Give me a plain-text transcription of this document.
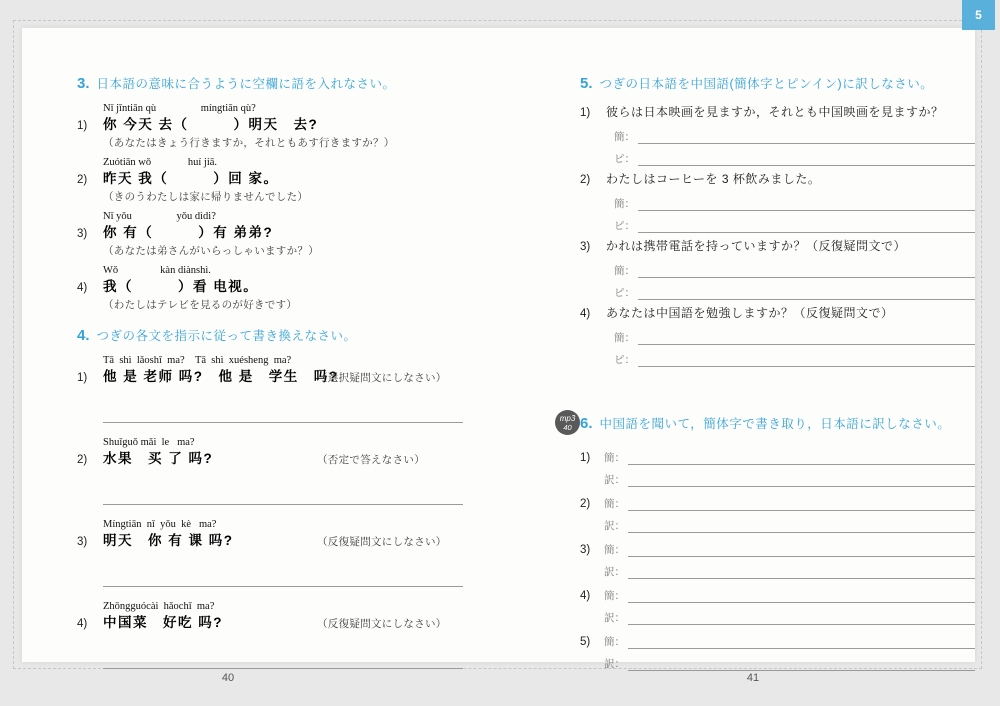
3. 日本語の意味に合うように空欄に語を入れなさい。
Nǐ jīntiān qù                 míngtiān qù?
1)	你 今天 去（　　　）明天　去?
（あなたはきょう行きますか，それともあす行きますか？）
Zuótiān wǒ              huí jiā.
2)	昨天 我（　　　）回 家。
（きのうわたしは家に帰りませんでした）
Nǐ yǒu                 yǒu dìdi?
3)	你 有（　　　）有 弟弟?
（あなたは弟さんがいらっしゃいますか？）
Wǒ                kàn diànshì.
4)	我（　　　）看 电视。
（わたしはテレビを見るのが好きです）
4. つぎの各文を指示に従って書き換えなさい。
Tā  shì  lǎoshī  ma?    Tā  shì  xuésheng  ma?
1)	他 是 老师 吗?　他 是　学生　吗?
（選択疑問文にしなさい）
Shuǐguǒ mǎi  le   ma?
2)	水果　买 了 吗?	（否定で答えなさい）
Míngtiān  nǐ  yǒu  kè   ma?
3)	明天　你 有 课 吗?	（反復疑問文にしなさい）
Zhōngguócài  hǎochī  ma?
4)	中国菜　好吃 吗?	（反復疑問文にしなさい）
5. つぎの日本語を中国語(簡体字とピンイン)に訳しなさい。
1)	彼らは日本映画を見ますか，それとも中国映画を見ますか？
簡：
ピ：
2)	わたしはコーヒーを 3 杯飲みました。
簡：
ピ：
3)	かれは携帯電話を持っていますか？（反復疑問文で）
簡：
ピ：
4)	あなたは中国語を勉強しますか？（反復疑問文で）
簡：
ピ：
mp3
40 6. 中国語を聞いて，簡体字で書き取り，日本語に訳しなさい。
1)	簡：
訳：
2)	簡：
訳：
3)	簡：
訳：
4)	簡：
訳：
5)	簡：
訳：
40	41
5
